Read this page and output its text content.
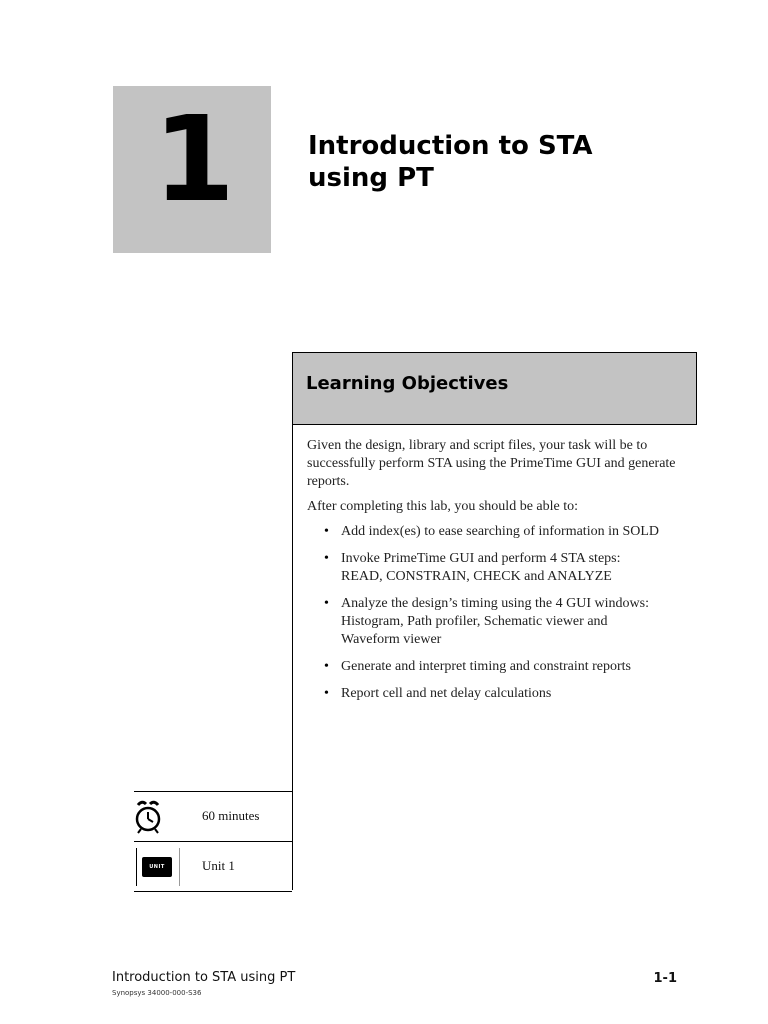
1	Introduction to STA
using PT
Learning Objectives

Given the design, library and script files, your task will be to successfully perform STA using the PrimeTime GUI and generate reports.

After completing this lab, you should be able to:

• Add index(es) to ease searching of information in SOLD
• Invoke PrimeTime GUI and perform 4 STA steps:
READ, CONSTRAIN, CHECK and ANALYZE
• Analyze the design’s timing using the 4 GUI windows:
Histogram, Path profiler, Schematic viewer and
Waveform viewer
• Generate and interpret timing and constraint reports
• Report cell and net delay calculations
60 minutes
UNIT	Unit 1
Introduction to STA using PT
Synopsys 34000-000-S36
1-1
